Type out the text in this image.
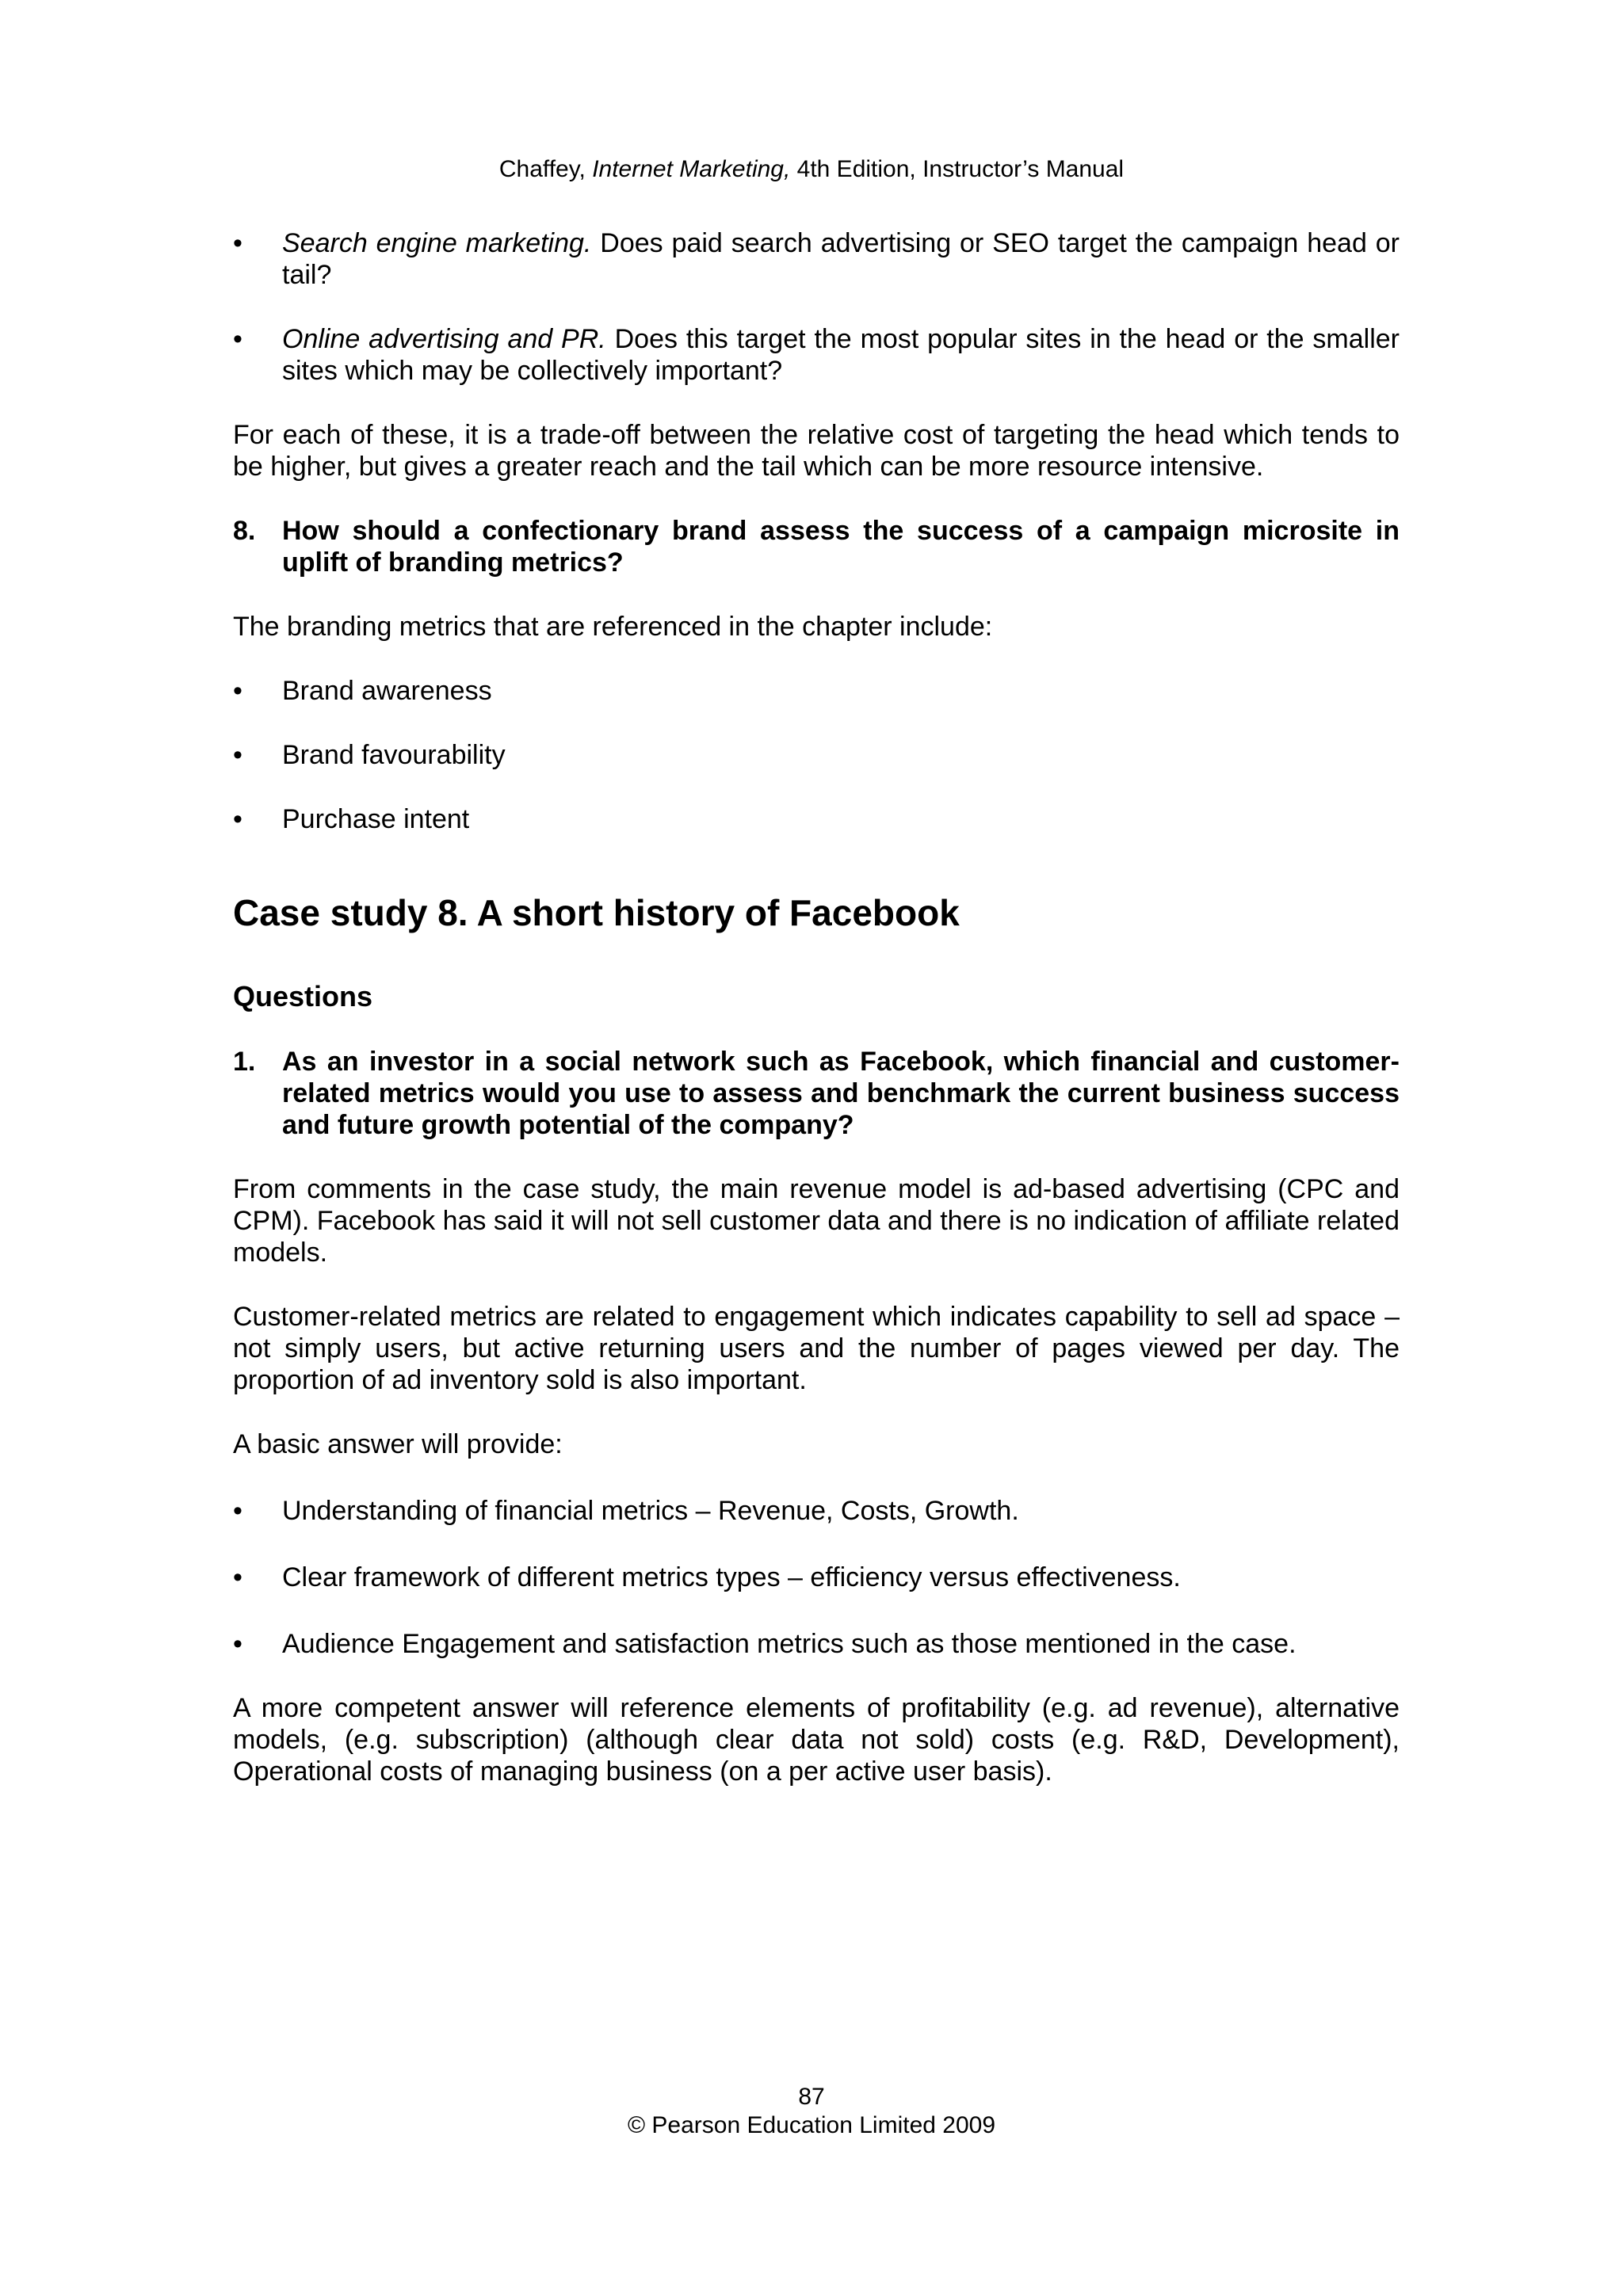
Chaffey, Internet Marketing, 4th Edition, Instructor’s Manual
•	Search engine marketing. Does paid search advertising or SEO target the campaign head or tail?
•	Online advertising and PR. Does this target the most popular sites in the head or the smaller sites which may be collectively important?

For each of these, it is a trade-off between the relative cost of targeting the head which tends to be higher, but gives a greater reach and the tail which can be more resource intensive.

8. How should a confectionary brand assess the success of a campaign microsite in uplift of branding metrics?

The branding metrics that are referenced in the chapter include:

•	Brand awareness
•	Brand favourability
•	Purchase intent
Case study 8. A short history of Facebook
Questions
1. As an investor in a social network such as Facebook, which financial and customer-related metrics would you use to assess and benchmark the current business success and future growth potential of the company?

From comments in the case study, the main revenue model is ad-based advertising (CPC and CPM). Facebook has said it will not sell customer data and there is no indication of affiliate related models.

Customer-related metrics are related to engagement which indicates capability to sell ad space – not simply users, but active returning users and the number of pages viewed per day. The proportion of ad inventory sold is also important.

A basic answer will provide:

•	Understanding of financial metrics – Revenue, Costs, Growth.
•	Clear framework of different metrics types – efficiency versus effectiveness.
•	Audience Engagement and satisfaction metrics such as those mentioned in the case.

A more competent answer will reference elements of profitability (e.g. ad revenue), alternative models, (e.g. subscription) (although clear data not sold) costs (e.g. R&D, Development), Operational costs of managing business (on a per active user basis).

87
© Pearson Education Limited 2009
